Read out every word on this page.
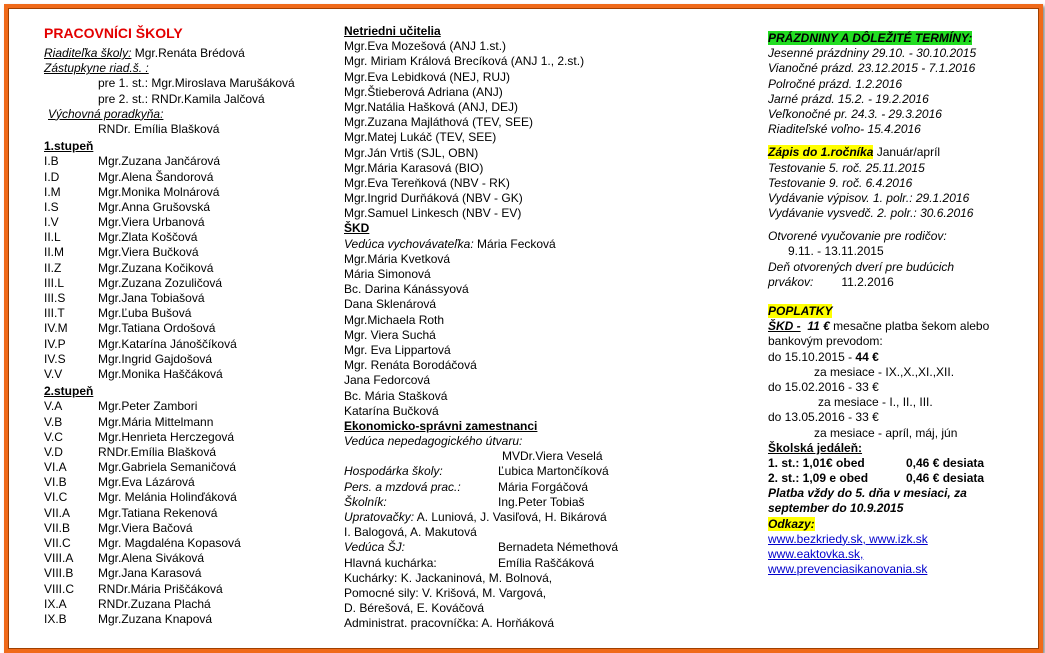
PRACOVNÍCI ŠKOLY
Riaditeľka školy: Mgr.Renáta Brédová
Zástupkyne riad.š. :
pre 1. st.: Mgr.Miroslava Marušáková
pre 2. st.: RNDr.Kamila Jalčová
Výchovná poradkyňa:
RNDr. Emília Blašková
1.stupeň
I.B	Mgr.Zuzana Jančárová
I.D	Mgr.Alena Šandorová
I.M	Mgr.Monika Molnárová
I.S	Mgr.Anna Grušovská
I.V	Mgr.Viera Urbanová
II.L	Mgr.Zlata Koščová
II.M	Mgr.Viera Bučková
II.Z	Mgr.Zuzana Kočiková
III.L	Mgr.Zuzana Zozuličová
III.S	Mgr.Jana Tobiašová
III.T	Mgr.Ľuba Bušová
IV.M	Mgr.Tatiana Ordošová
IV.P	Mgr.Katarína Jánoščíková
IV.S	Mgr.Ingrid Gajdošová
V.V	Mgr.Monika Haščáková
2.stupeň
V.A	Mgr.Peter Zambori
V.B	Mgr.Mária Mittelmann
V.C	Mgr.Henrieta Herczegová
V.D	RNDr.Emília Blašková
VI.A	Mgr.Gabriela Semaničová
VI.B	Mgr.Eva Lázárová
VI.C	Mgr. Melánia Holinďáková
VII.A Mgr.Tatiana Rekenová
VII.B Mgr.Viera Bačová
VII.C Mgr. Magdaléna Kopasová
VIII.A Mgr.Alena Siváková
VIII.B Mgr.Jana Karasová
VIII.C RNDr.Mária Priščáková
IX.A	RNDr.Zuzana Plachá
IX.B	Mgr.Zuzana Knapová
Netriedni učitelia
Mgr.Eva Mozešová (ANJ 1.st.)
Mgr. Miriam Králová Brecíková (ANJ 1., 2.st.)
Mgr.Eva Lebidková (NEJ, RUJ)
Mgr.Štieberová Adriana (ANJ)
Mgr.Natália Hašková (ANJ, DEJ)
Mgr.Zuzana Majláthová (TEV, SEE)
Mgr.Matej Lukáč (TEV, SEE)
Mgr.Ján Vrtiš (SJL, OBN)
Mgr.Mária Karasová (BIO)
Mgr.Eva Tereňková (NBV - RK)
Mgr.Ingrid Durňáková (NBV - GK)
Mgr.Samuel Linkesch (NBV - EV)
ŠKD
Vedúca vychovávateľka: Mária Fecková
Mgr.Mária Kvetková
Mária Simonová
Bc. Darina Kánássyová
Dana Sklenárová
Mgr.Michaela Roth
Mgr. Viera Suchá
Mgr. Eva Lippartová
Mgr. Renáta Borodáčová
Jana Fedorcová
Bc. Mária Stašková
Katarína Bučková
Ekonomicko-správni zamestnanci
Vedúca nepedagogického útvaru:
MVDr.Viera Veselá
Hospodárka školy:	Ľubica Martončíková
Pers. a mzdová prac.:	Mária Forgáčová
Školník:	Ing.Peter Tobiaš
Upratovačky: A. Luniová, J. Vasiľová, H. Bikárová
I. Balogová, A. Makutová
Vedúca ŠJ:	Bernadeta Némethová
Hlavná kuchárka:	Emília Raščáková
Kuchárky: K. Jackaninová, M. Bolnová,
Pomocné sily: V. Krišová, M. Vargová,
D. Bérešová, E. Kováčová
Administrat. pracovníčka: A. Horňáková
PRÁZDNINY A DÔLEŽITÉ TERMÍNY:
Jesenné prázdniny 29.10. - 30.10.2015
Vianočné prázd. 23.12.2015 - 7.1.2016
Polročné prázd. 1.2.2016
Jarné prázd. 15.2. - 19.2.2016
Veľkonočné pr. 24.3. - 29.3.2016
Riaditeľské voľno- 15.4.2016
Zápis do 1.ročníka Január/apríl
Testovanie 5. roč. 25.11.2015
Testovanie 9. roč. 6.4.2016
Vydávanie výpisov. 1. polr.: 29.1.2016
Vydávanie vysvedč. 2. polr.: 30.6.2016
Otvorené vyučovanie pre rodičov:
9.11. - 13.11.2015
Deň otvorených dverí pre budúcich
prvákov: 11.2.2016
POPLATKY
ŠKD - 11 € mesačne platba šekom alebo
bankovým prevodom:
do 15.10.2015 - 44 €
za mesiace - IX.,X.,XI.,XII.
do 15.02.2016 - 33 €
za mesiace - I., II., III.
do 13.05.2016 - 33 €
za mesiace - apríl, máj, jún
Školská jedáleň:
1. st.: 1,01€ obed	0,46 € desiata
2. st.: 1,09 e obed	0,46 € desiata
Platba vždy do 5. dňa v mesiaci, za
september do 10.9.2015
Odkazy:
www.bezkriedy.sk, www.izk.sk
www.eaktovka.sk,
www.prevenciasikanovania.sk
